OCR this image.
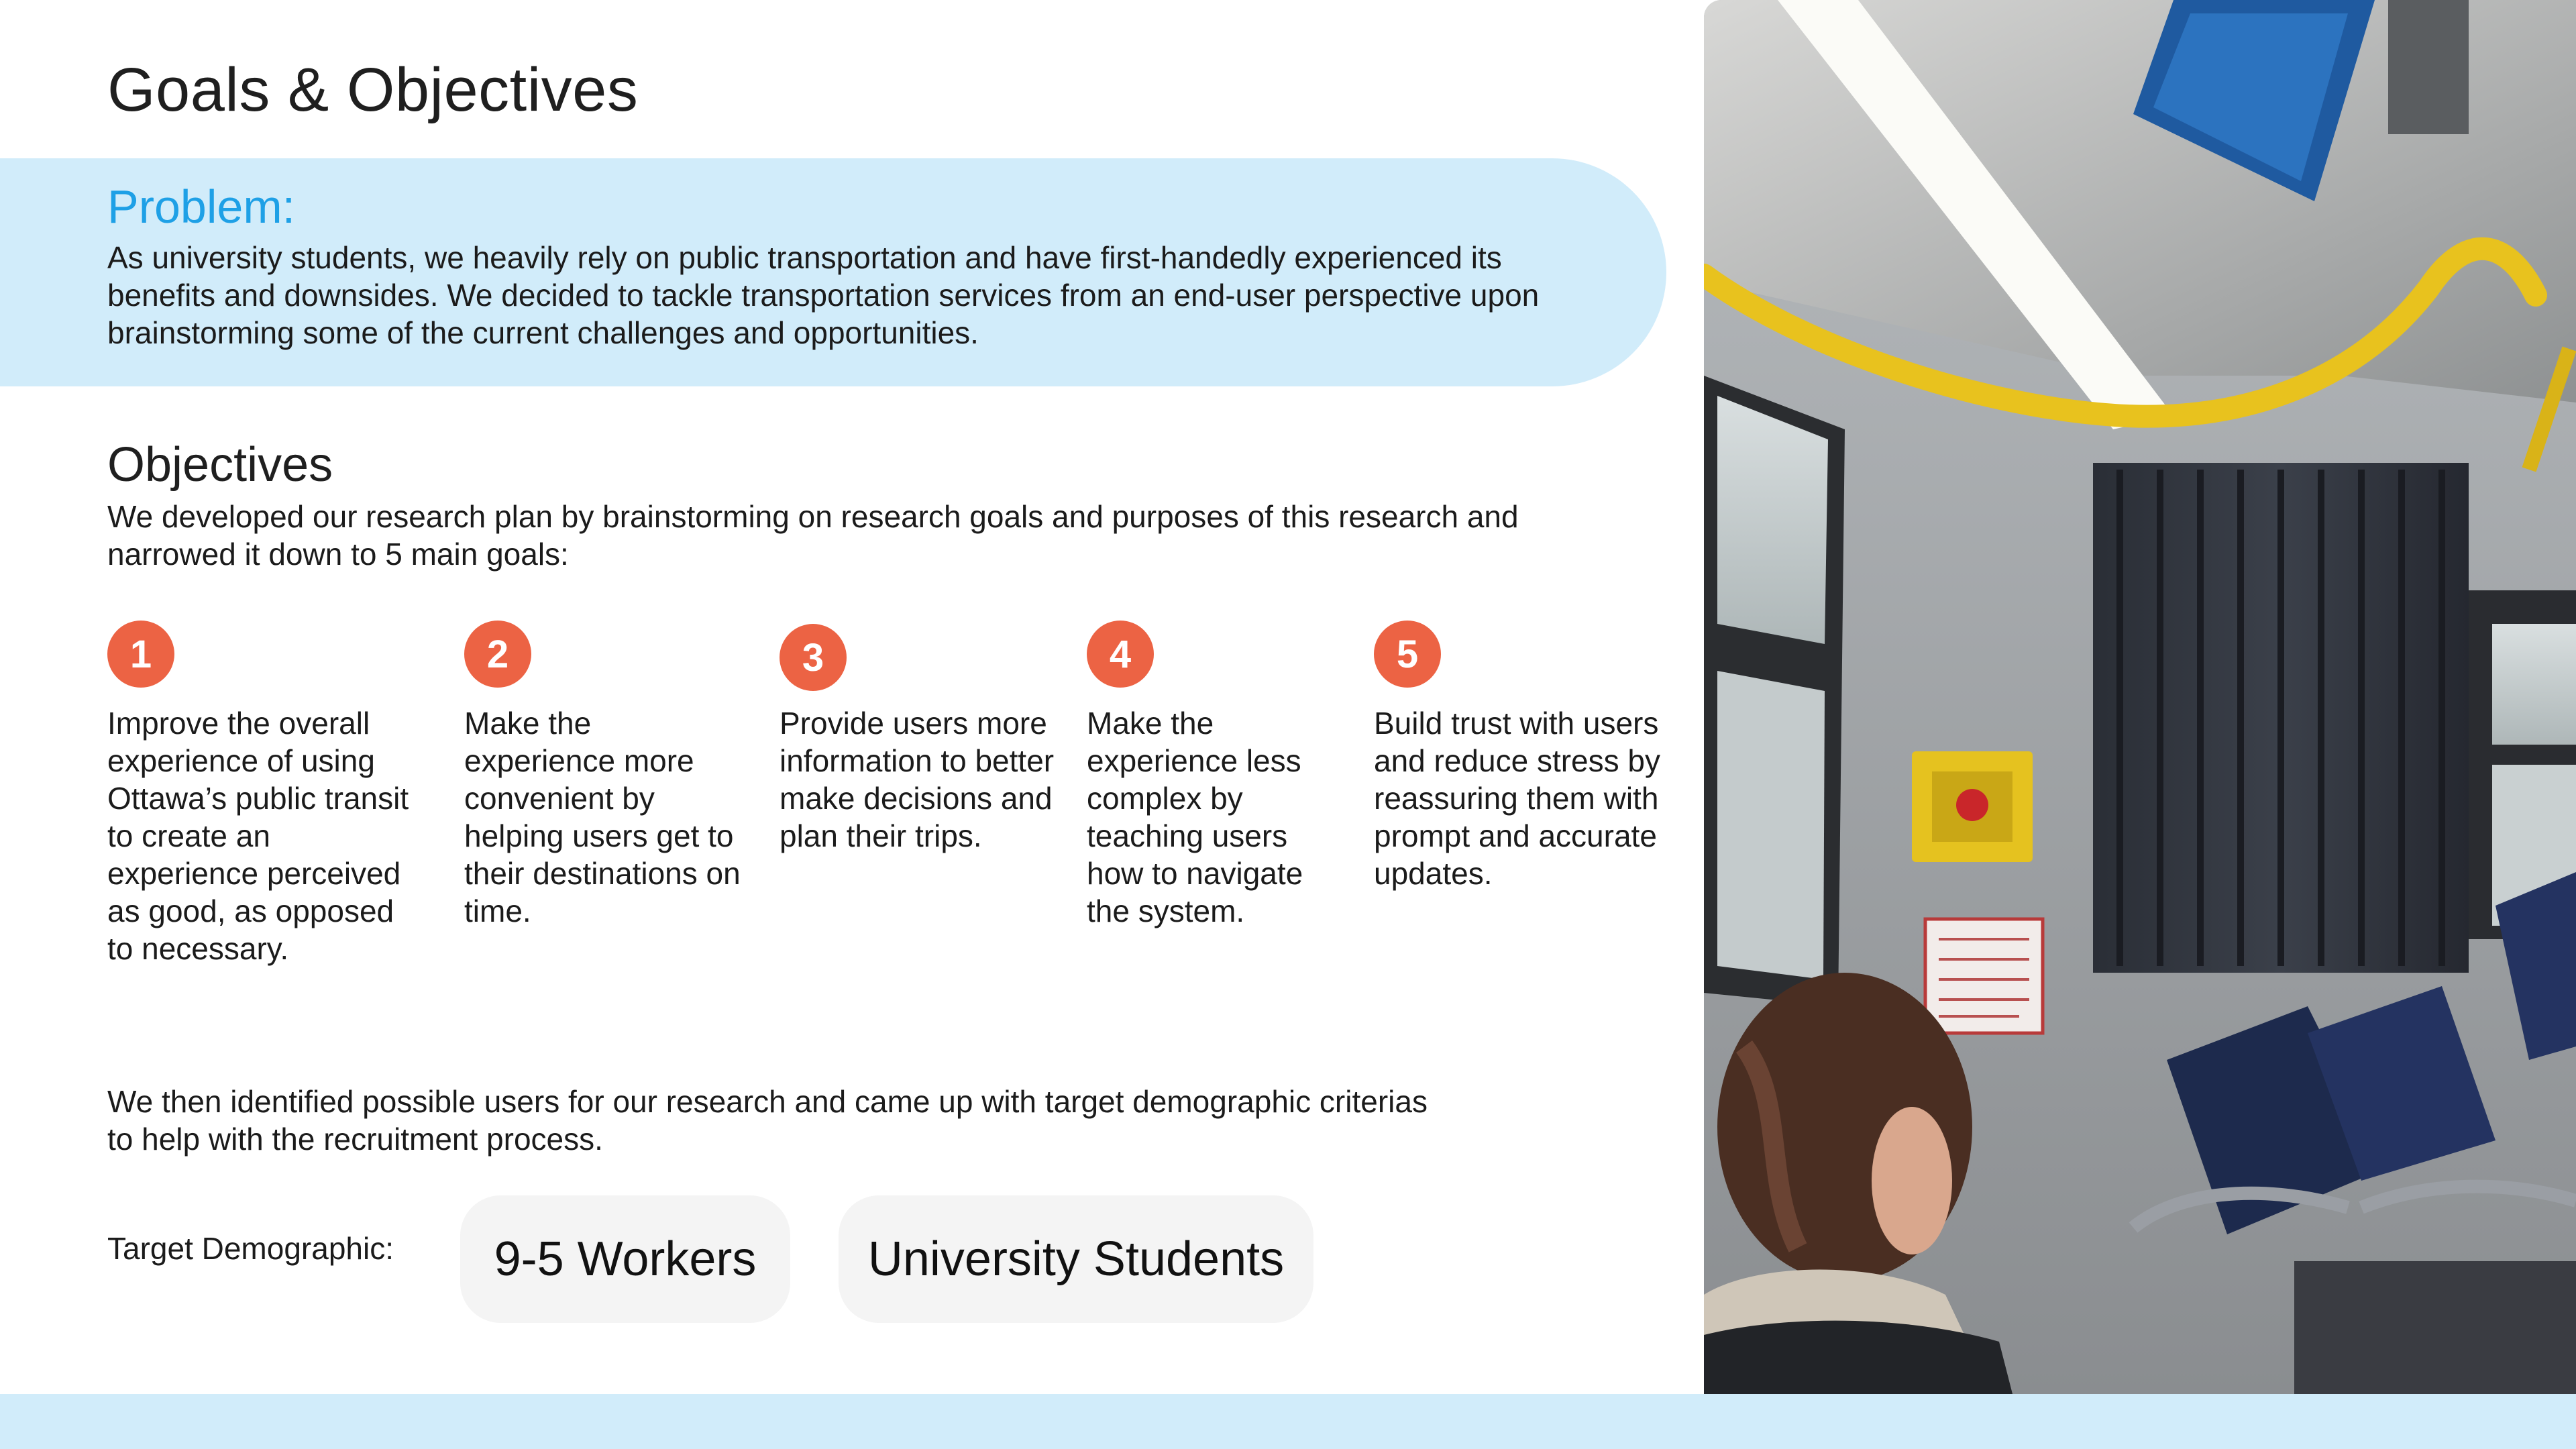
Goals & Objectives
Problem:
As university students, we heavily rely on public transportation and have first-handedly experienced its benefits and downsides. We decided to tackle transportation services from an end-user perspective upon brainstorming some of the current challenges and opportunities.
Objectives
We developed our research plan by brainstorming on research goals and purposes of this research and narrowed it down to 5 main goals:
1
Improve the overall experience of using Ottawa’s public transit to create an experience perceived as good, as opposed to necessary.
2
Make the experience more convenient by helping users get to their destinations on time.
3
Provide users more information to better make decisions and plan their trips.
4
Make the experience less complex by teaching users how to navigate the system.
5
Build trust with users and reduce stress by reassuring them with prompt and accurate updates.
We then identified possible users for our research and came up with target demographic criterias to help with the recruitment process.
Target Demographic:	9-5 Workers	University Students
